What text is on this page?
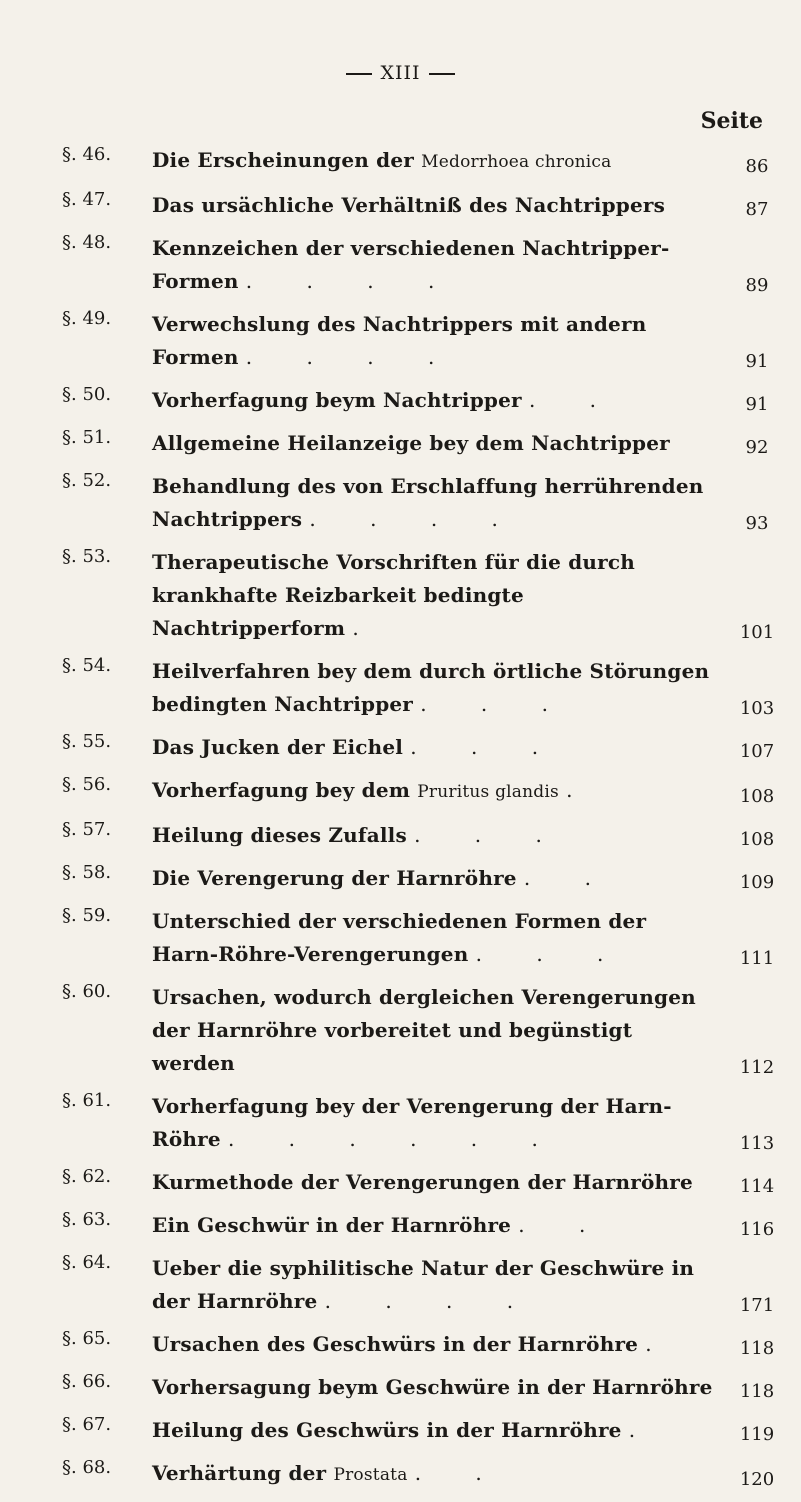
XIII
Seite
§. 46. Die Erscheinungen der Medorrhoea chronica	86
§. 47. Das ursächliche Verhältniß des Nachtrippers	87
§. 48. Kennzeichen der verschiedenen Nachtripper-Formen . . . .	89
§. 49. Verwechslung des Nachtrippers mit andern Formen . . . .	91
§. 50. Vorherfagung beym Nachtripper . .	91
§. 51. Allgemeine Heilanzeige bey dem Nachtripper	92
§. 52. Behandlung des von Erschlaffung herrührenden Nachtrippers . . . .	93
§. 53. Therapeutische Vorschriften für die durch krankhafte Reizbarkeit bedingte Nachtripperform .	101
§. 54. Heilverfahren bey dem durch örtliche Störungen bedingten Nachtripper . . .	103
§. 55. Das Jucken der Eichel . . .	107
§. 56. Vorherfagung bey dem Pruritus glandis .	108
§. 57. Heilung dieses Zufalls . . .	108
§. 58. Die Verengerung der Harnröhre . .	109
§. 59. Unterschied der verschiedenen Formen der Harn-Röhre-Verengerungen . . .	111
§. 60. Ursachen, wodurch dergleichen Verengerungen der Harnröhre vorbereitet und begünstigt werden	112
§. 61. Vorherfagung bey der Verengerung der Harn-Röhre . . . . . .	113
§. 62. Kurmethode der Verengerungen der Harnröhre	114
§. 63. Ein Geschwür in der Harnröhre . .	116
§. 64. Ueber die syphilitische Natur der Geschwüre in der Harnröhre . . . .	171
§. 65. Ursachen des Geschwürs in der Harnröhre .	118
§. 66. Vorhersagung beym Geschwüre in der Harnröhre	118
§. 67. Heilung des Geschwürs in der Harnröhre .	119
§. 68. Verhärtung der Prostata . .	120
